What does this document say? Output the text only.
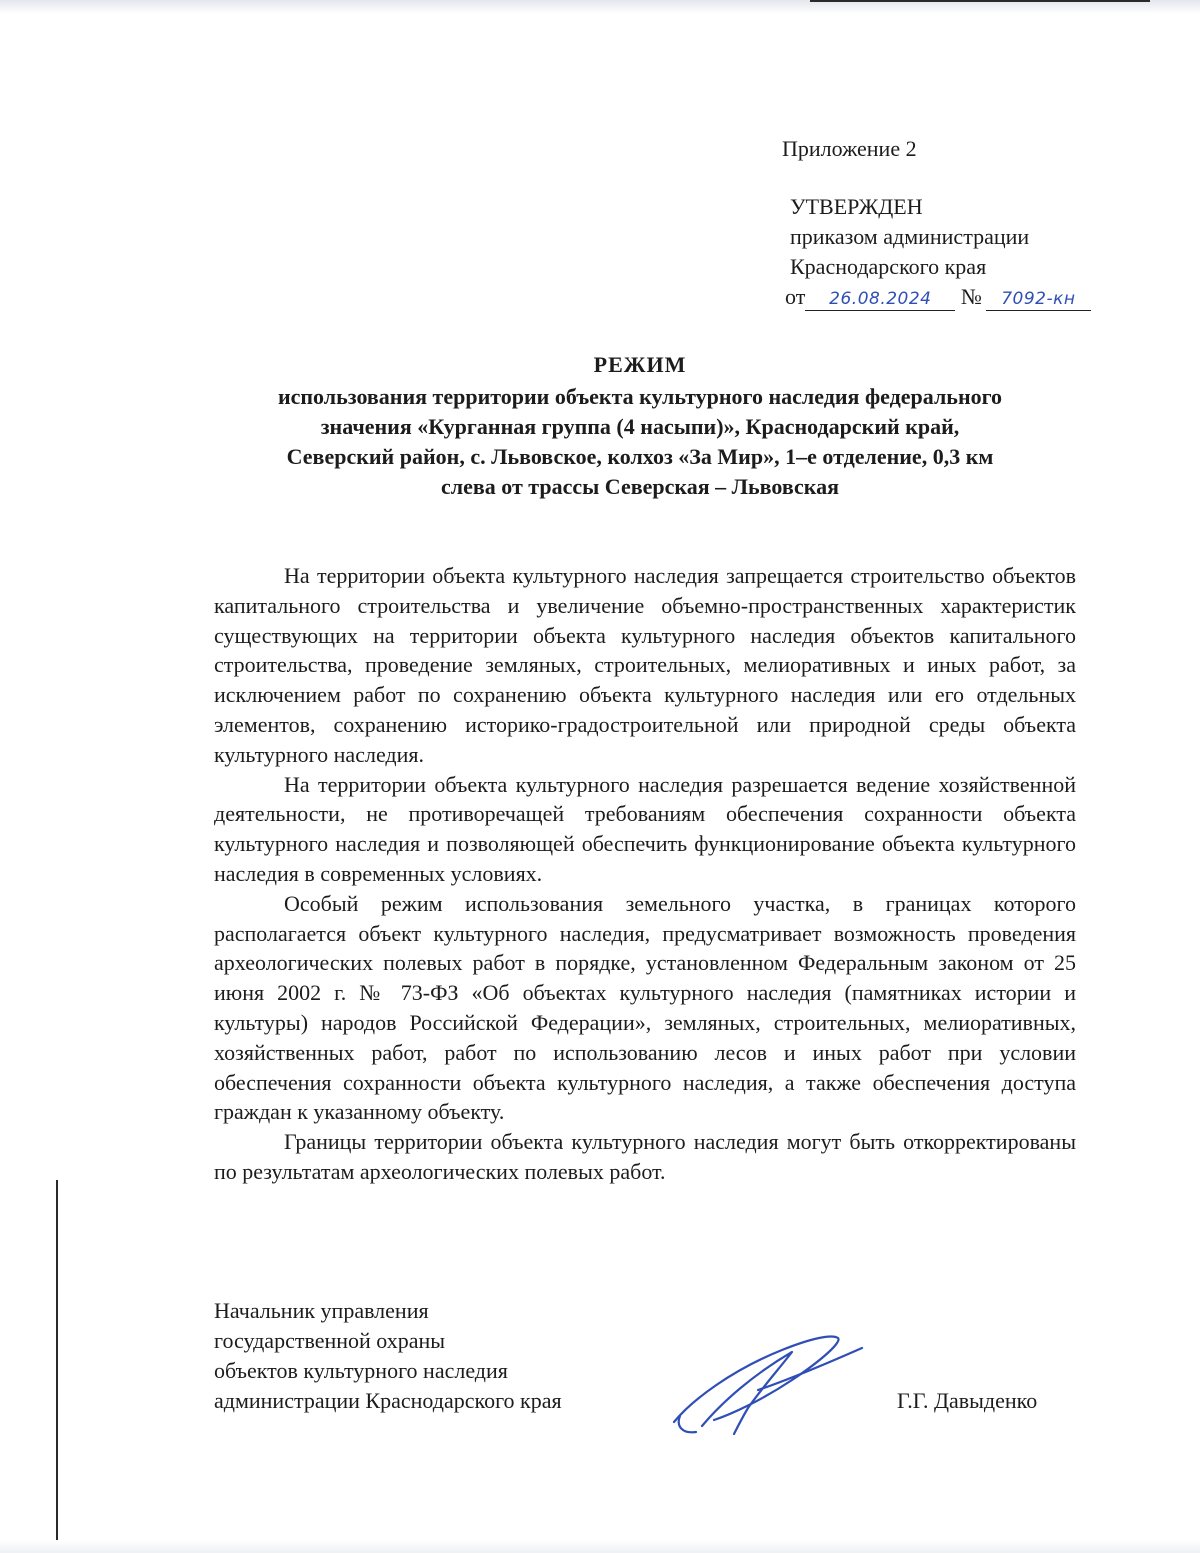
Приложение 2
УТВЕРЖДЕН
приказом администрации
Краснодарского края
от 26.08.2024 № 7092-кн
РЕЖИМ
использования территории объекта культурного наследия федерального
значения «Курганная группа (4 насыпи)», Краснодарский край,
Северский район, с. Львовское, колхоз «За Мир», 1–е отделение, 0,3 км
слева от трассы Северская – Львовская

На территории объекта культурного наследия запрещается строительство объектов капитального строительства и увеличение объемно-пространственных характеристик существующих на территории объекта культурного наследия объектов капитального строительства, проведение земляных, строительных, мелиоративных и иных работ, за исключением работ по сохранению объекта культурного наследия или его отдельных элементов, сохранению историко-градостроительной или природной среды объекта культурного наследия.

На территории объекта культурного наследия разрешается ведение хозяйственной деятельности, не противоречащей требованиям обеспечения сохранности объекта культурного наследия и позволяющей обеспечить функционирование объекта культурного наследия в современных условиях.

Особый режим использования земельного участка, в границах которого располагается объект культурного наследия, предусматривает возможность проведения археологических полевых работ в порядке, установленном Федеральным законом от 25 июня 2002 г. № 73-ФЗ «Об объектах культурного наследия (памятниках истории и культуры) народов Российской Федерации», земляных, строительных, мелиоративных, хозяйственных работ, работ по использованию лесов и иных работ при условии обеспечения сохранности объекта культурного наследия, а также обеспечения доступа граждан к указанному объекту.

Границы территории объекта культурного наследия могут быть откорректированы по результатам археологических полевых работ.

Начальник управления
государственной охраны
объектов культурного наследия
администрации Краснодарского края	Г.Г. Давыденко
